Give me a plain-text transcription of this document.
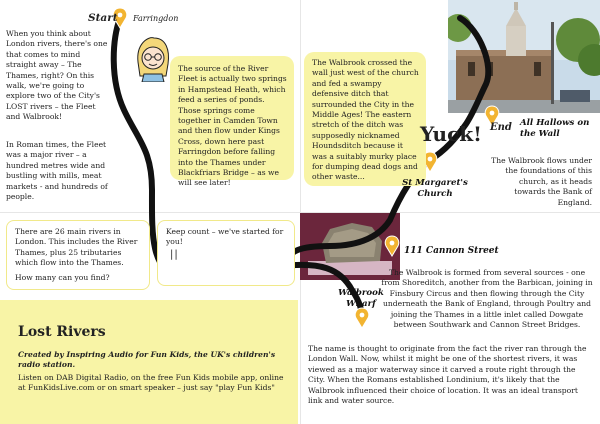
Start Farringdon
When you think about London rivers, there's one that comes to mind straight away – The Thames, right? On this walk, we're going to explore two of the City's LOST rivers – the Fleet and Walbrook!
In Roman times, the Fleet was a major river – a hundred metres wide and bustling with mills, meat markets - and hundreds of people.
The source of the River Fleet is actually two springs in Hampstead Heath, which feed a series of ponds. Those springs come together in Camden Town and then flow under Kings Cross, down here past Farringdon before falling into the Thames under Blackfriars Bridge – as we will see later!
The Walbrook crossed the wall just west of the church and fed a swampy defensive ditch that surrounded the City in the Middle Ages! The eastern stretch of the ditch was supposedly nicknamed Houndsditch because it was a suitably murky place for dumping dead dogs and other waste...
Yuck! End All Hallows on the Wall
The Walbrook flows under the foundations of this church, as it heads towards the Bank of England.
St Margaret's Church
There are 26 main rivers in London. This includes the River Thames, plus 25 tributaries which flow into the Thames.
How many can you find?
Keep count – we've started for you!
||	111 Cannon Street
Walbrook Wharf
The Walbrook is formed from several sources - one from Shoreditch, another from the Barbican, joining in Finsbury Circus and then flowing through the City underneath the Bank of England, through Poultry and joining the Thames in a little inlet called Dowgate between Southwark and Cannon Street Bridges.
The name is thought to originate from the fact the river ran through the London Wall. Now, whilst it might be one of the shortest rivers, it was viewed as a major waterway since it carved a route right through the City. When the Romans established Londinium, it's likely that the Walbrook influenced their choice of location. It was an ideal transport link and water source.
Lost Rivers
Created by Inspiring Audio for Fun Kids, the UK's children's radio station.
Listen on DAB Digital Radio, on the free Fun Kids mobile app, online at FunKidsLive.com or on smart speaker – just say "play Fun Kids"
